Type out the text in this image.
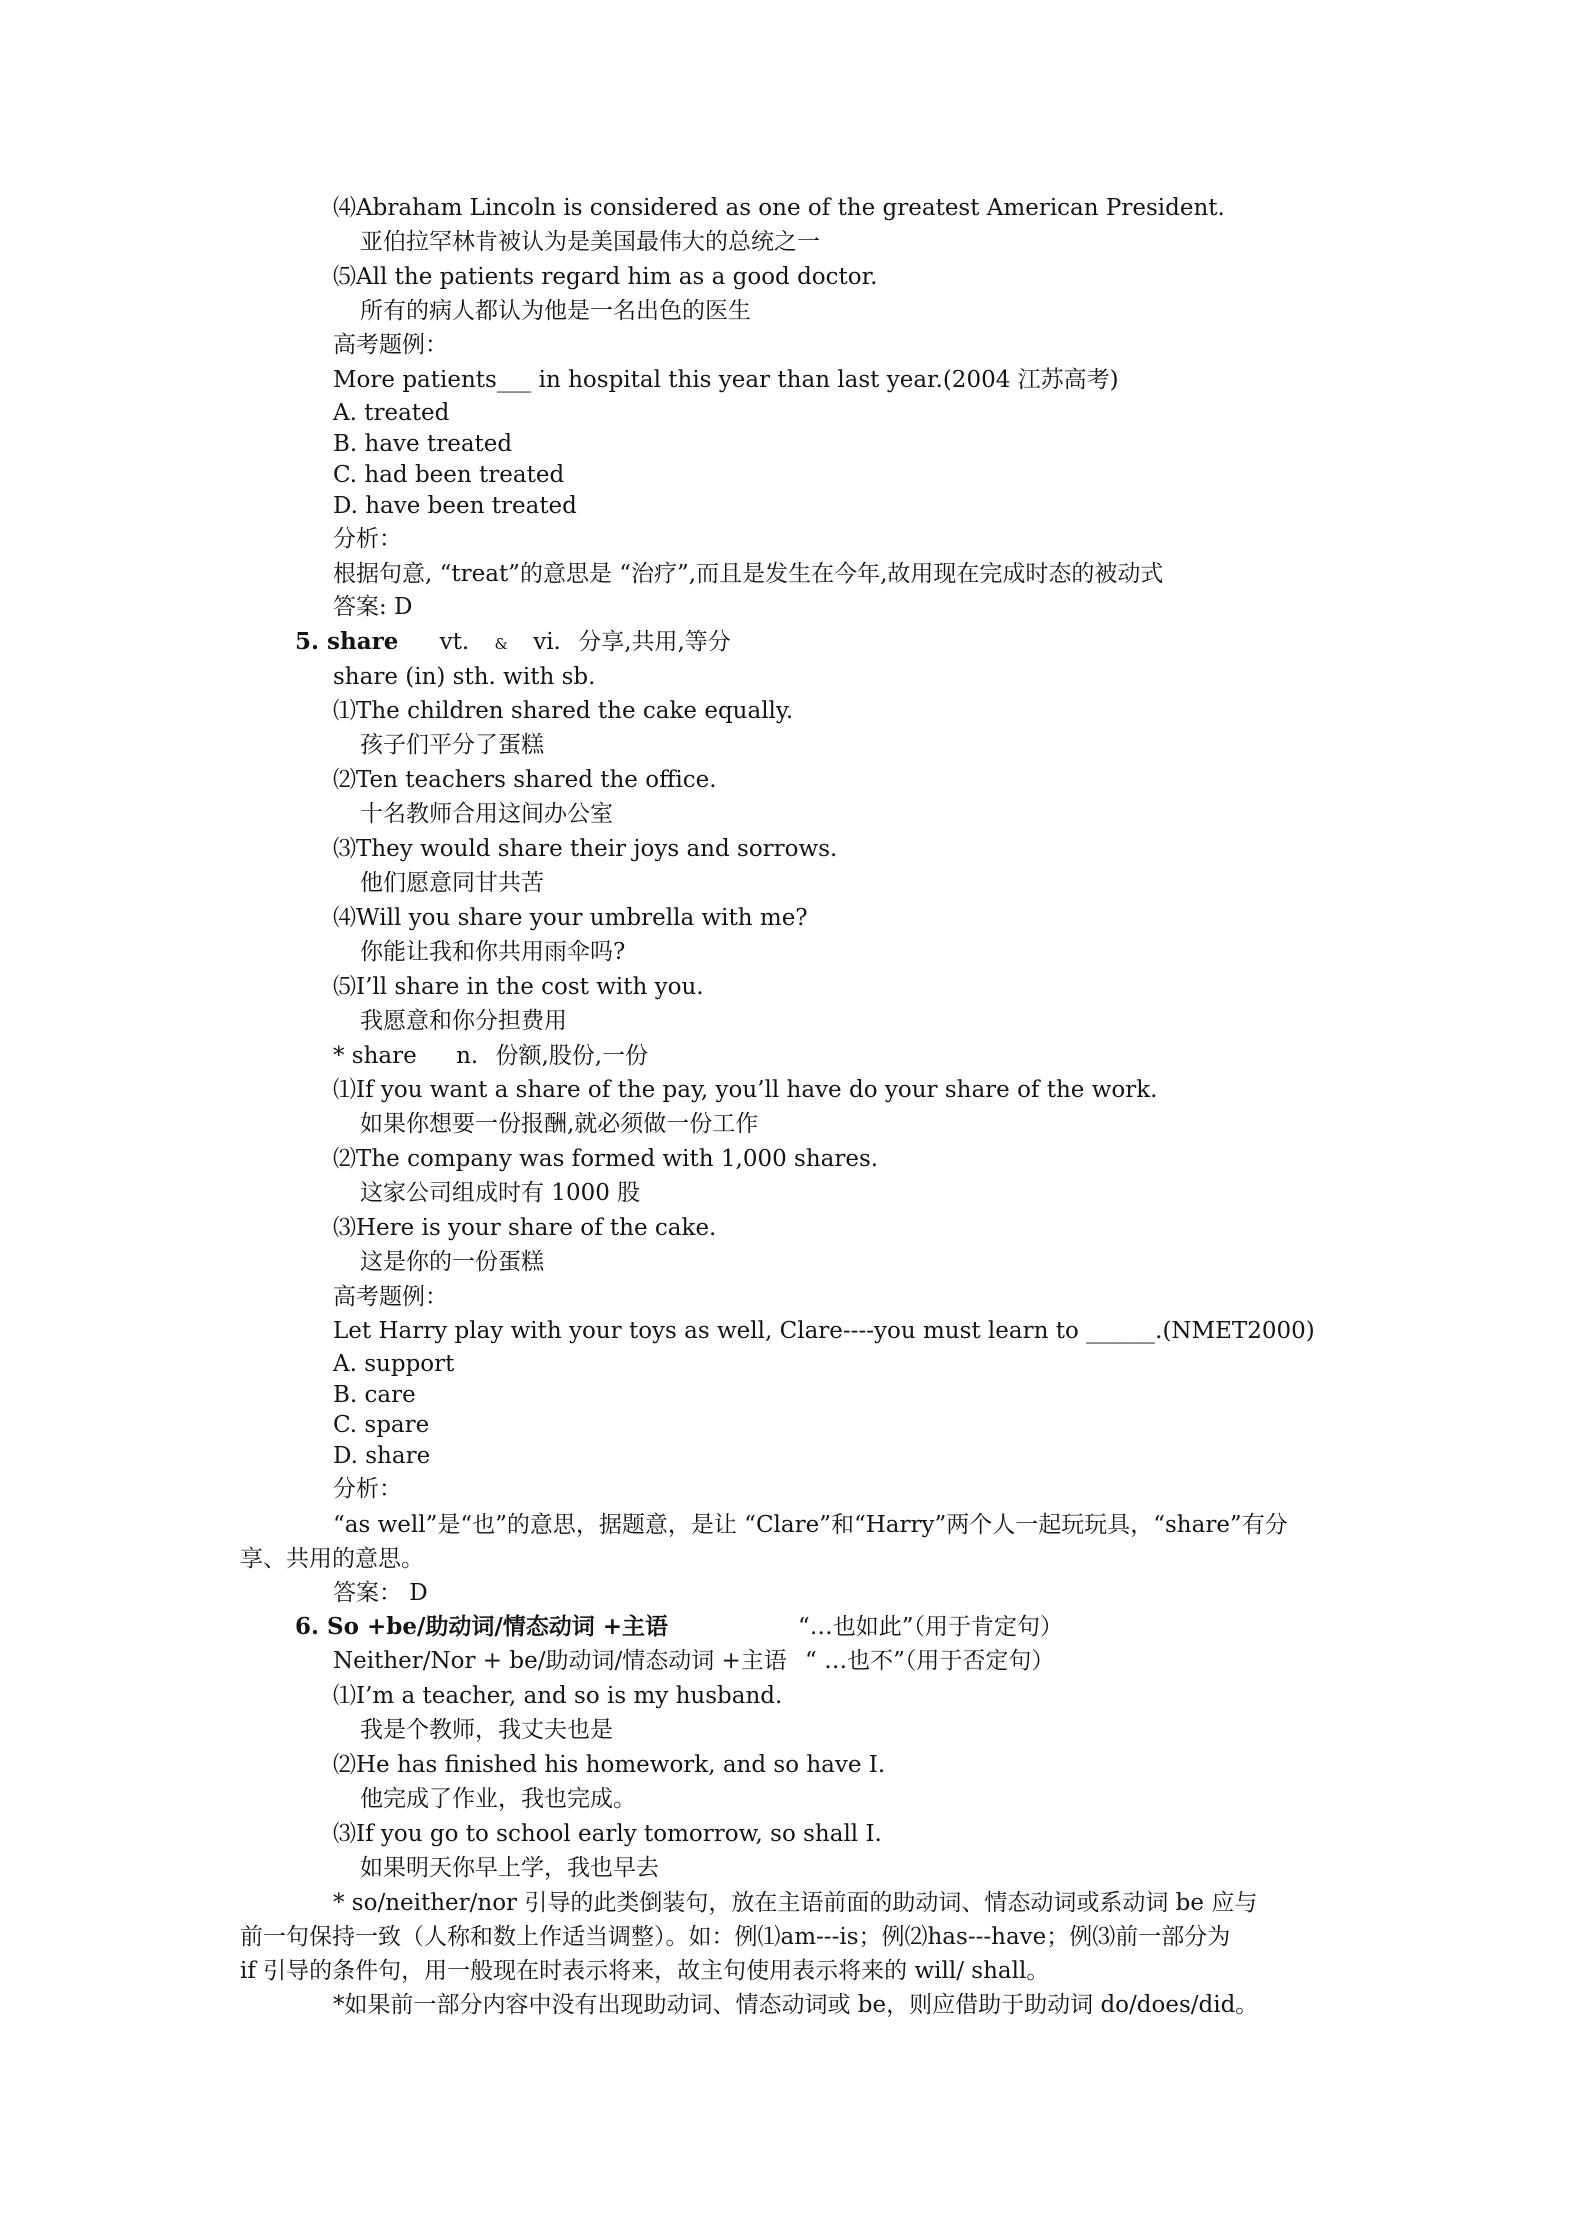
⑷Abraham Lincoln is considered as one of the greatest American President.
亚伯拉罕林肯被认为是美国最伟大的总统之一
⑸All the patients regard him as a good doctor.
所有的病人都认为他是一名出色的医生
高考题例：
More patients___ in hospital this year than last year.(2004 江苏高考)
A. treated
B. have treated
C. had been treated
D. have been treated
分析：
根据句意, “treat”的意思是 “治疗”,而且是发生在今年,故用现在完成时态的被动式
答案: D
5. share vt. & vi. 分享,共用,等分
share (in) sth. with sb.
⑴The children shared the cake equally.
孩子们平分了蛋糕
⑵Ten teachers shared the office.
十名教师合用这间办公室
⑶They would share their joys and sorrows.
他们愿意同甘共苦
⑷Will you share your umbrella with me?
你能让我和你共用雨伞吗?
⑸I’ll share in the cost with you.
我愿意和你分担费用
* share n. 份额,股份,一份
⑴If you want a share of the pay, you’ll have do your share of the work.
如果你想要一份报酬,就必须做一份工作
⑵The company was formed with 1,000 shares.
这家公司组成时有 1000 股
⑶Here is your share of the cake.
这是你的一份蛋糕
高考题例：
Let Harry play with your toys as well, Clare----you must learn to ______.(NMET2000)
A. support
B. care
C. spare
D. share
分析：
“as well”是“也”的意思，据题意，是让 “Clare”和“Harry”两个人一起玩玩具，“share”有分
享、共用的意思。
答案： D
6. So +be/助动词/情态动词 +主语	“…也如此”（用于肯定句）
Neither/Nor + be/助动词/情态动词 +主语 “ …也不”（用于否定句）
⑴I’m a teacher, and so is my husband.
我是个教师，我丈夫也是
⑵He has finished his homework, and so have I.
他完成了作业，我也完成。
⑶If you go to school early tomorrow, so shall I.
如果明天你早上学，我也早去
* so/neither/nor 引导的此类倒装句，放在主语前面的助动词、情态动词或系动词 be 应与
前一句保持一致（人称和数上作适当调整）。如：例⑴am---is；例⑵has---have；例⑶前一部分为
if 引导的条件句，用一般现在时表示将来，故主句使用表示将来的 will/ shall。
*如果前一部分内容中没有出现助动词、情态动词或 be，则应借助于助动词 do/does/did。
